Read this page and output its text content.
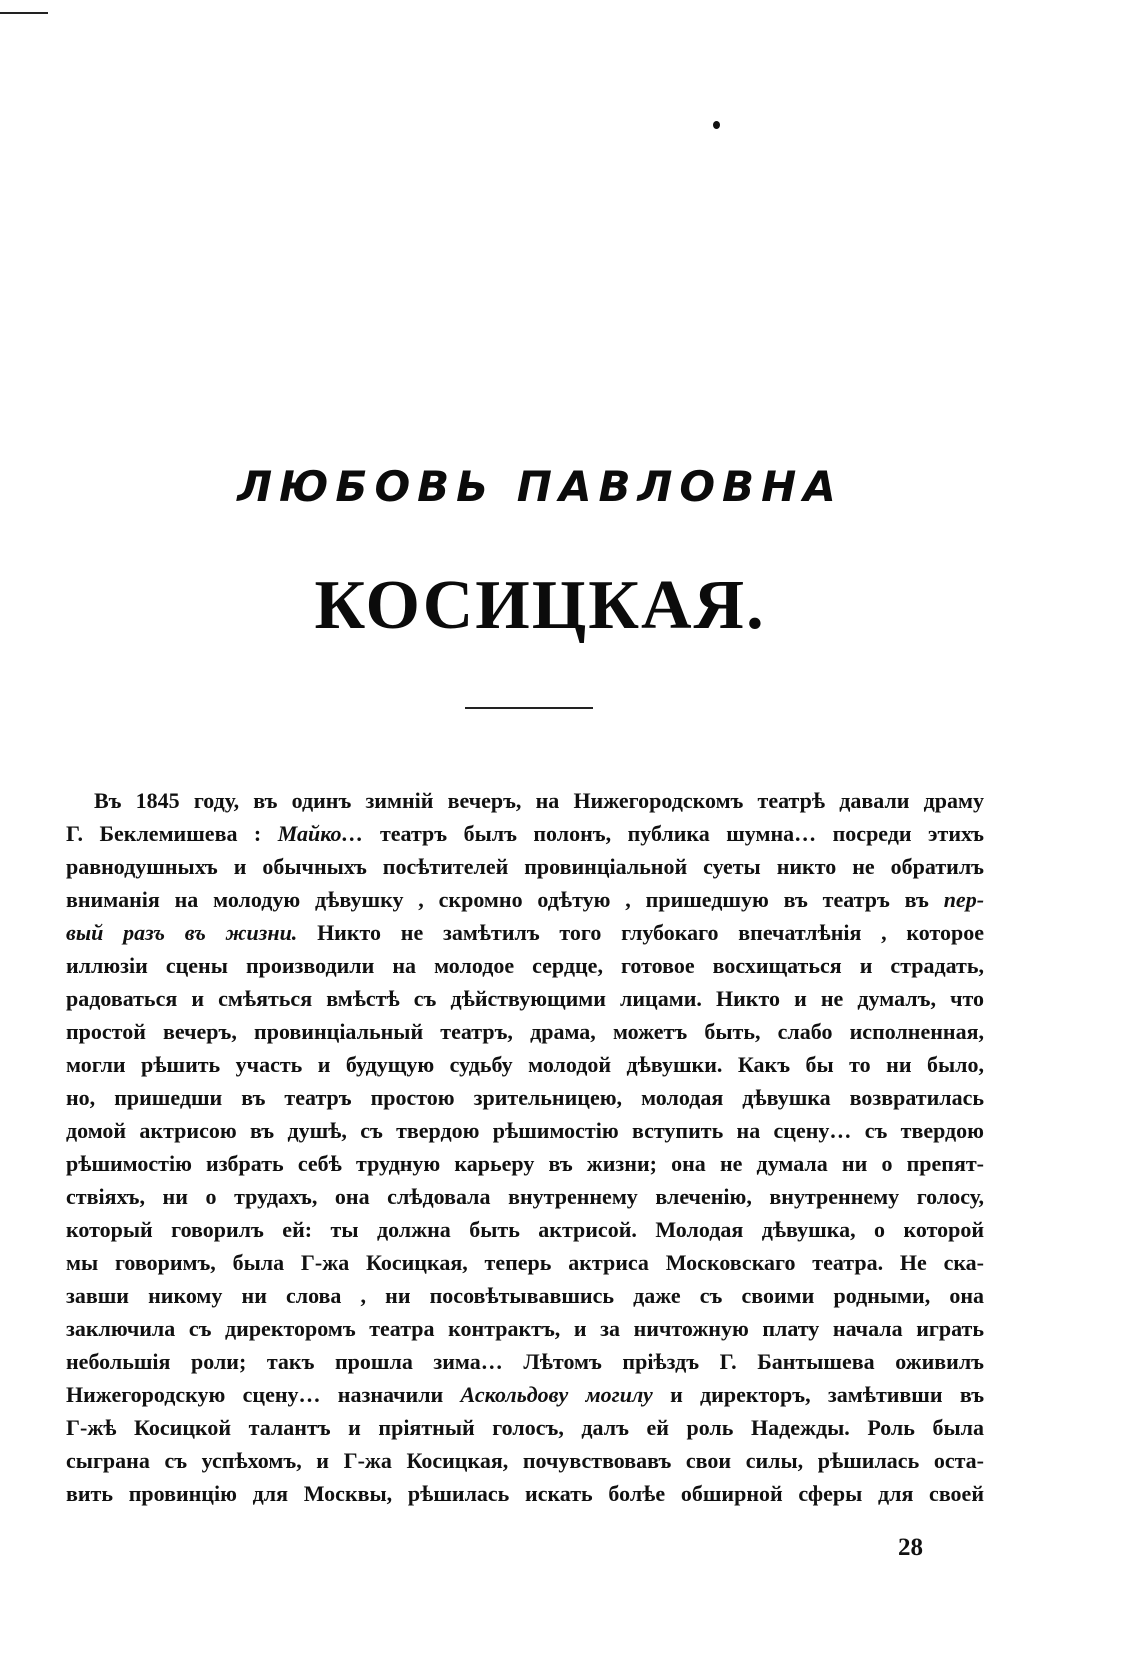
ЛЮБОВЬ ПАВЛОВНА
КОСИЦКАЯ.
Въ 1845 году, въ одинъ зимній вечеръ, на Нижегородскомъ театрѣ давали драму
Г. Беклемишева : Майко… театръ былъ полонъ, публика шумна… посреди этихъ
равнодушныхъ и обычныхъ посѣтителей провинціальной суеты никто не обратилъ
вниманія на молодую дѣвушку , скромно одѣтую , пришедшую въ театръ въ пер-
вый разъ въ жизни. Никто не замѣтилъ того глубокаго впечатлѣнія , которое
иллюзіи сцены производили на молодое сердце, готовое восхищаться и страдать,
радоваться и смѣяться вмѣстѣ съ дѣйствующими лицами. Никто и не думалъ, что
простой вечеръ, провинціальный театръ, драма, можетъ быть, слабо исполненная,
могли рѣшить участь и будущую судьбу молодой дѣвушки. Какъ бы то ни было,
но, пришедши въ театръ простою зрительницею, молодая дѣвушка возвратилась
домой актрисою въ душѣ, съ твердою рѣшимостію вступить на сцену… съ твердою
рѣшимостію избрать себѣ трудную карьеру въ жизни; она не думала ни о препят-
ствіяхъ, ни о трудахъ, она слѣдовала внутреннему влеченію, внутреннему голосу,
который говорилъ ей: ты должна быть актрисой. Молодая дѣвушка, о которой
мы говоримъ, была Г-жа Косицкая, теперь актриса Московскаго театра. Не ска-
завши никому ни слова , ни посовѣтывавшись даже съ своими родными, она
заключила съ директоромъ театра контрактъ, и за ничтожную плату начала играть
небольшія роли; такъ прошла зима… Лѣтомъ пріѣздъ Г. Бантышева оживилъ
Нижегородскую сцену… назначили Аскольдову могилу и директоръ, замѣтивши въ
Г-жѣ Косицкой талантъ и пріятный голосъ, далъ ей роль Надежды. Роль была
сыграна съ успѣхомъ, и Г-жа Косицкая, почувствовавъ свои силы, рѣшилась оста-
вить провинцію для Москвы, рѣшилась искать болѣе обширной сферы для своей
28
